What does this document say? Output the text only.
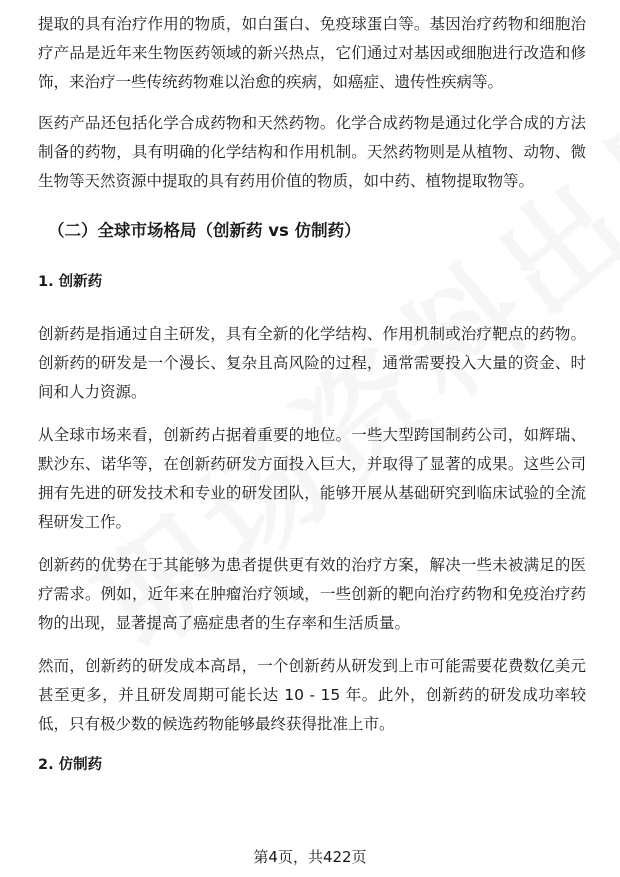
提取的具有治疗作用的物质，如白蛋白、免疫球蛋白等。基因治疗药物和细胞治疗产品是近年来生物医药领域的新兴热点，它们通过对基因或细胞进行改造和修饰，来治疗一些传统药物难以治愈的疾病，如癌症、遗传性疾病等。

医药产品还包括化学合成药物和天然药物。化学合成药物是通过化学合成的方法制备的药物，具有明确的化学结构和作用机制。天然药物则是从植物、动物、微生物等天然资源中提取的具有药用价值的物质，如中药、植物提取物等。

（二）全球市场格局（创新药 vs 仿制药）
1. 创新药

创新药是指通过自主研发，具有全新的化学结构、作用机制或治疗靶点的药物。创新药的研发是一个漫长、复杂且高风险的过程，通常需要投入大量的资金、时间和人力资源。

从全球市场来看，创新药占据着重要的地位。一些大型跨国制药公司，如辉瑞、默沙东、诺华等，在创新药研发方面投入巨大，并取得了显著的成果。这些公司拥有先进的研发技术和专业的研发团队，能够开展从基础研究到临床试验的全流程研发工作。

创新药的优势在于其能够为患者提供更有效的治疗方案，解决一些未被满足的医疗需求。例如，近年来在肿瘤治疗领域，一些创新的靶向治疗药物和免疫治疗药物的出现，显著提高了癌症患者的生存率和生活质量。

然而，创新药的研发成本高昂，一个创新药从研发到上市可能需要花费数亿美元甚至更多，并且研发周期可能长达 10 - 15 年。此外，创新药的研发成功率较低，只有极少数的候选药物能够最终获得批准上市。

2. 仿制药
第4页，共422页
